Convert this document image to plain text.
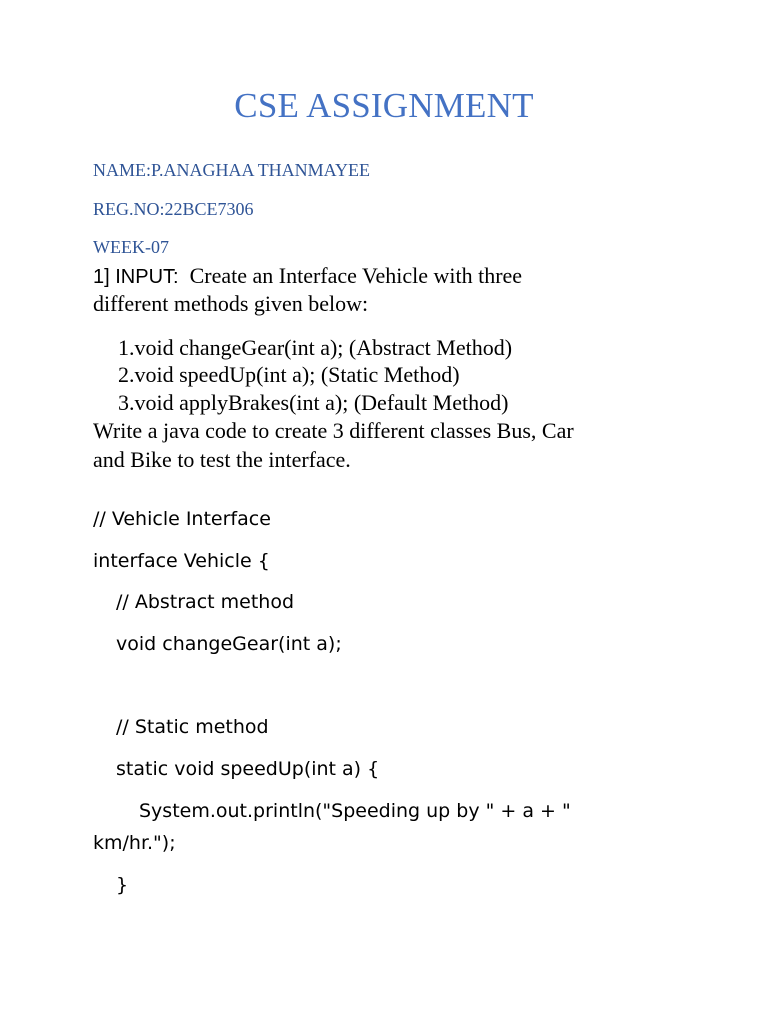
CSE ASSIGNMENT
NAME:P.ANAGHAA THANMAYEE
REG.NO:22BCE7306
WEEK-07
1] INPUT: Create an Interface Vehicle with three
different methods given below:
1.void changeGear(int a); (Abstract Method)
2.void speedUp(int a); (Static Method)
3.void applyBrakes(int a); (Default Method)
Write a java code to create 3 different classes Bus, Car
and Bike to test the interface.
// Vehicle Interface
interface Vehicle {
// Abstract method
void changeGear(int a);
// Static method
static void speedUp(int a) {
System.out.println("Speeding up by " + a + "
km/hr.");
}
